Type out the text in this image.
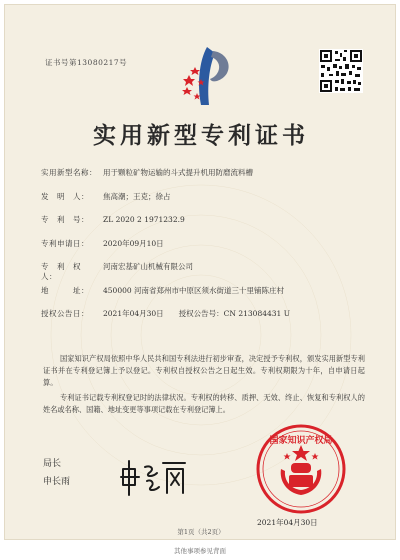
证书号第13080217号
实用新型专利证书
实用新型名称： 用于颗粒矿物运输的斗式提升机用防磨流料槽
发　明　人：	焦高潮；王克；徐占
专　利　号：	ZL 2020 2 1971232.9
专利申请日：	2020年09月10日
专　利　权　人：
河南宏基矿山机械有限公司
地　　　址：	450000 河南省郑州市中原区须水街道三十里铺陈庄村
授权公告日：	2021年04月30日　　授权公告号：CN 213084431 U

国家知识产权局依照中华人民共和国专利法进行初步审查，决定授予专利权，颁发实用新型专利证书并在专利登记簿上予以登记。专利权自授权公告之日起生效。专利权期限为十年，自申请日起算。

专利证书记载专利权登记时的法律状况。专利权的转移、质押、无效、终止、恢复和专利权人的姓名或名称、国籍、地址变更等事项记载在专利登记簿上。

局长
申长雨
国家知识产权局
2021年04月30日
第1页（共2页）
其他事项参见背面
